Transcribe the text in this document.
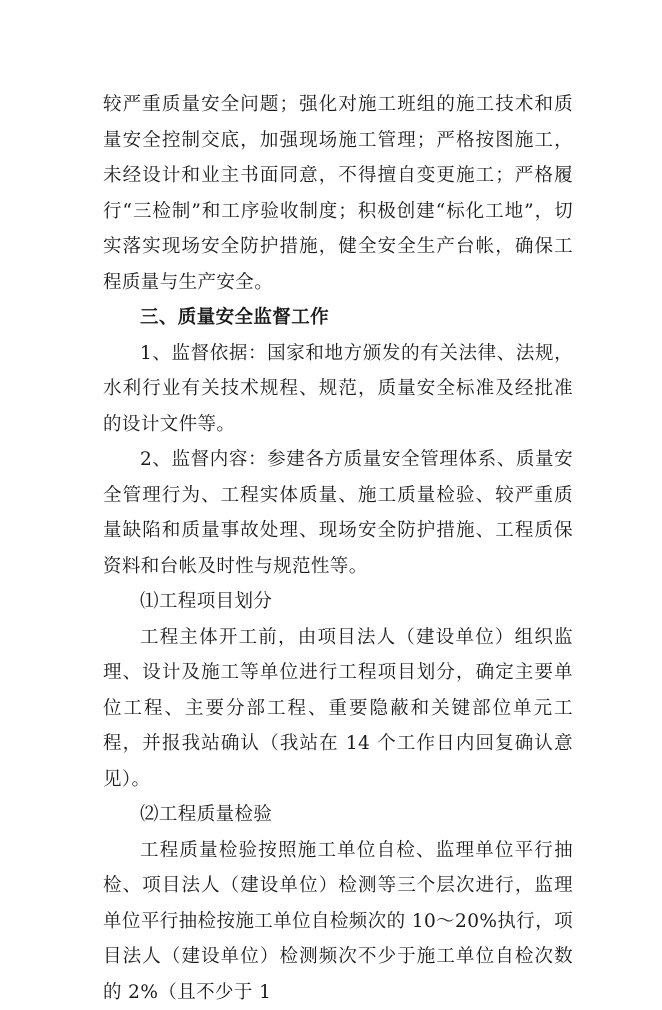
较严重质量安全问题；强化对施工班组的施工技术和质量安全控制交底，加强现场施工管理；严格按图施工，未经设计和业主书面同意，不得擅自变更施工；严格履行“三检制”和工序验收制度；积极创建“标化工地”，切实落实现场安全防护措施，健全安全生产台帐，确保工程质量与生产安全。

三、质量安全监督工作

1、监督依据：国家和地方颁发的有关法律、法规，水利行业有关技术规程、规范，质量安全标准及经批准的设计文件等。

2、监督内容：参建各方质量安全管理体系、质量安全管理行为、工程实体质量、施工质量检验、较严重质量缺陷和质量事故处理、现场安全防护措施、工程质保资料和台帐及时性与规范性等。

⑴工程项目划分

工程主体开工前，由项目法人（建设单位）组织监理、设计及施工等单位进行工程项目划分，确定主要单位工程、主要分部工程、重要隐蔽和关键部位单元工程，并报我站确认（我站在 14 个工作日内回复确认意见）。

⑵工程质量检验

工程质量检验按照施工单位自检、监理单位平行抽检、项目法人（建设单位）检测等三个层次进行，监理单位平行抽检按施工单位自检频次的 10～20%执行，项目法人（建设单位）检测频次不少于施工单位自检次数的 2%（且不少于 1
